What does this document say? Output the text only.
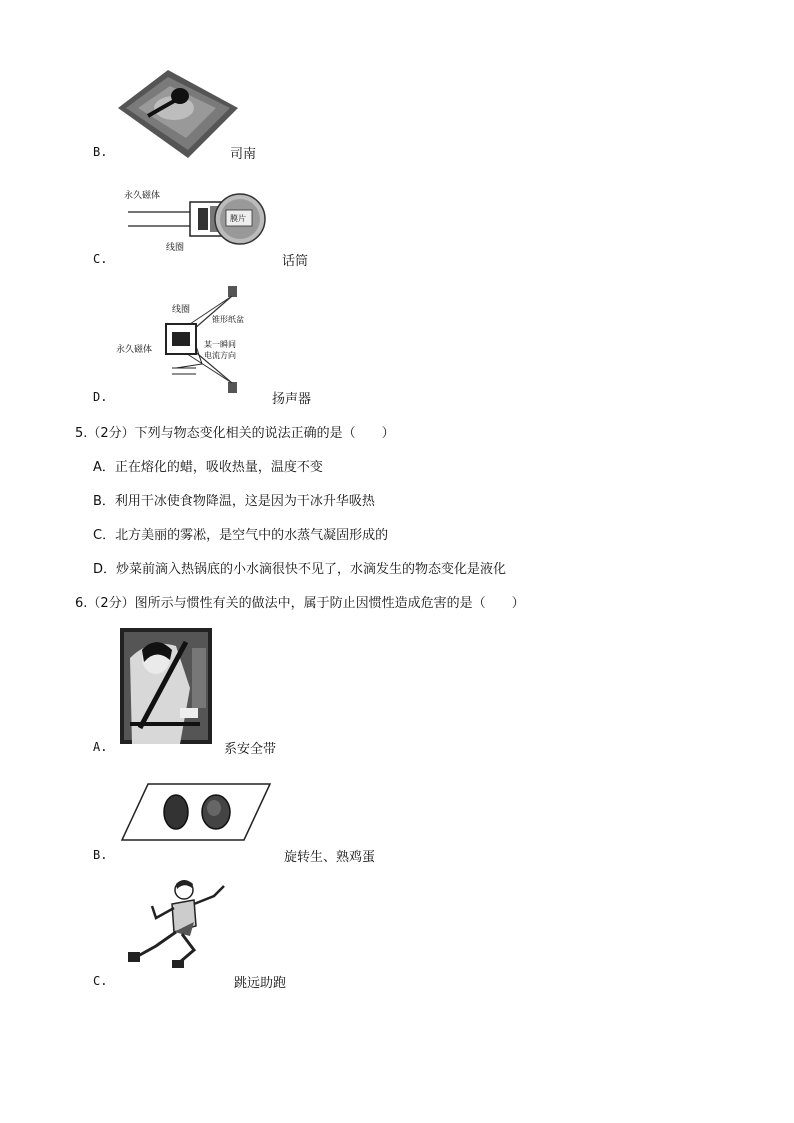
B.	司南
永久磁体
线圈
膜片
C.	话筒
线圈
锥形纸盆
永久磁体
某一瞬间
电流方向
D.	扬声器
5.（2分）下列与物态变化相关的说法正确的是（　　）
A．正在熔化的蜡，吸收热量，温度不变
B．利用干冰使食物降温，这是因为干冰升华吸热
C．北方美丽的雾凇，是空气中的水蒸气凝固形成的
D．炒菜前滴入热锅底的小水滴很快不见了，水滴发生的物态变化是液化
6.（2分）图所示与惯性有关的做法中，属于防止因惯性造成危害的是（　　）
A.	系安全带
B.	旋转生、熟鸡蛋
C.	跳远助跑
